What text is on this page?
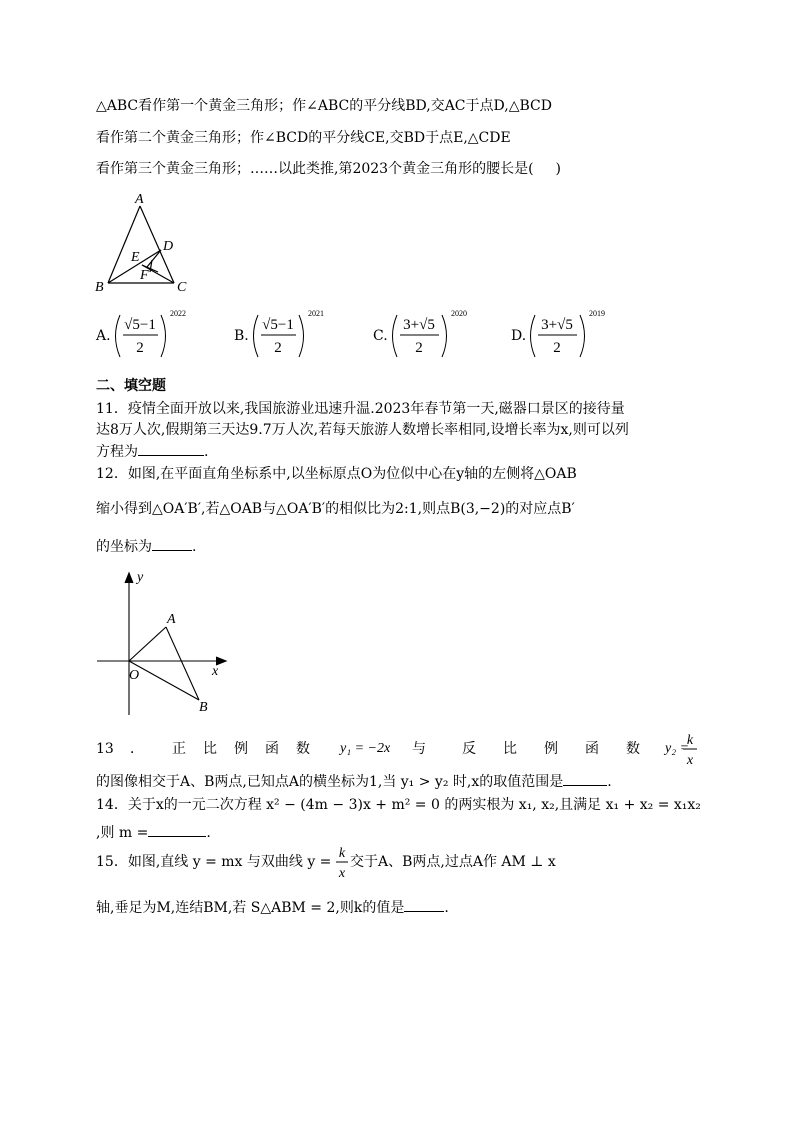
△ABC看作第一个黄金三角形；作∠ABC的平分线BD,交AC于点D,△BCD
看作第二个黄金三角形；作∠BCD的平分线CE,交BD于点E,△CDE
看作第三个黄金三角形；……以此类推,第2023个黄金三角形的腰长是( )
A
D
E
F
B	C
A.
√5−1
2
2022
B.
√5−1
2
2021
C.
3+√5
2
2020
D.
3+√5
2
2019
二、填空题
11．疫情全面开放以来,我国旅游业迅速升温.2023年春节第一天,磁器口景区的接待量
达8万人次,假期第三天达9.7万人次,若每天旅游人数增长率相同,设增长率为x,则可以列
方程为	.
12．如图,在平面直角坐标系中,以坐标原点O为位似中心在y轴的左侧将△OAB
缩小得到△OA′B′,若△OAB与△OA′B′的相似比为2:1,则点B(3,−2)的对应点B′
的坐标为	.
y
A
x
O
B
13 ． 正 比 例 函 数 y₁ = −2x 与	反 比 例 函 数 y₂ =
k
x
的图像相交于A、B两点,已知点A的横坐标为1,当 y₁ > y₂ 时,x的取值范围是	.
14．关于x的一元二次方程 x² − (4m − 3)x + m² = 0 的两实根为 x₁, x₂,且满足 x₁ + x₂ = x₁x₂
,则 m =	.
15．如图,直线 y = mx 与双曲线 y =
k
x
交于A、B两点,过点A作 AM ⊥ x
轴,垂足为M,连结BM,若 S△ABM = 2,则k的值是	.
